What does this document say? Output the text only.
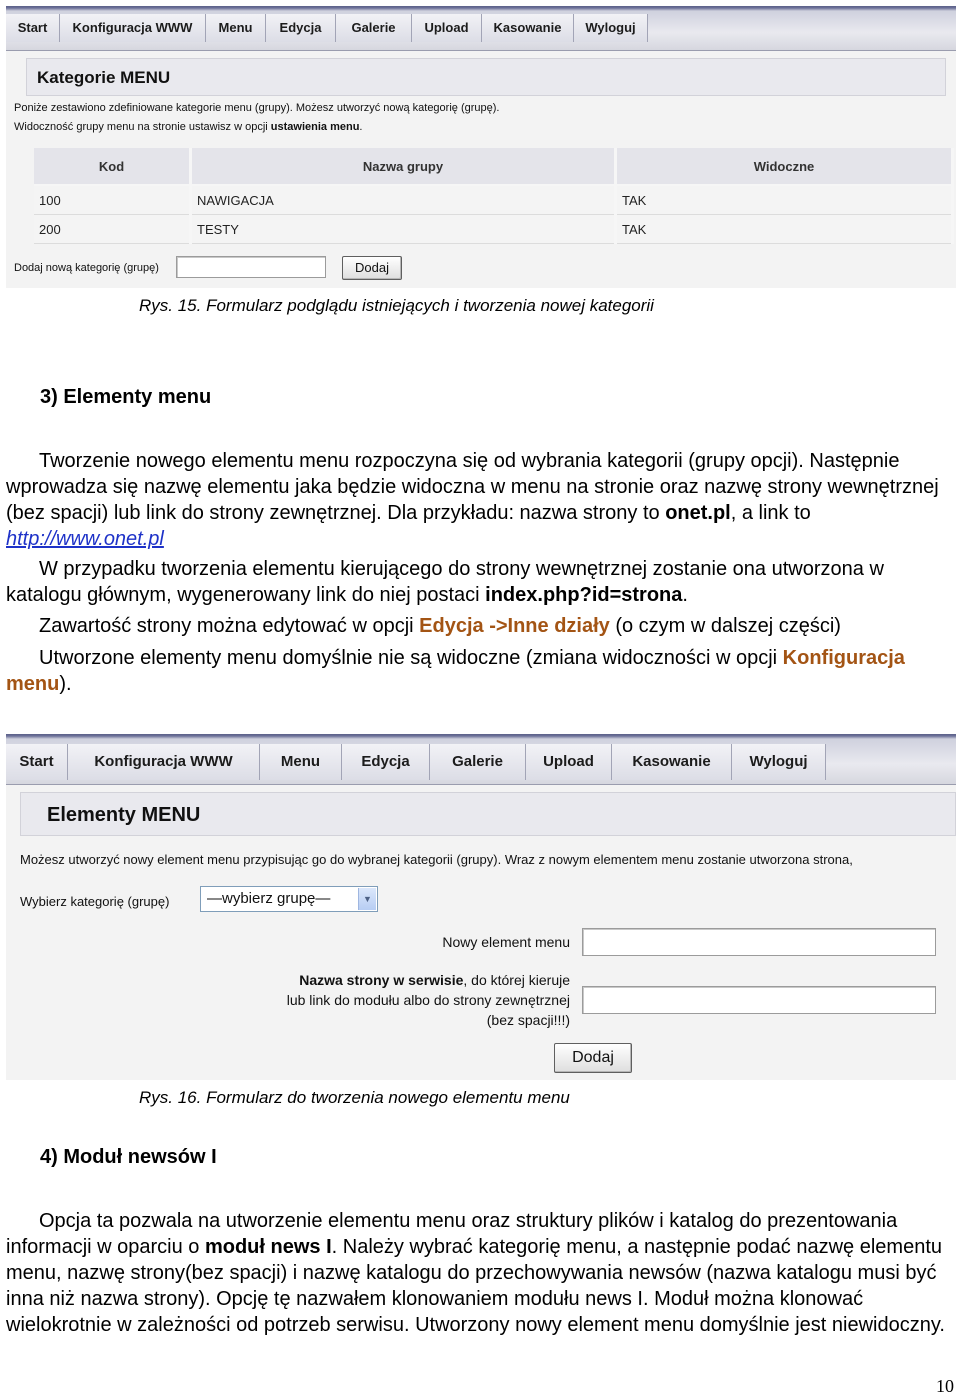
Start	Konfiguracja WWW	Menu	Edycja	Galerie	Upload	Kasowanie	Wyloguj
Kategorie MENU
Poniże zestawiono zdefiniowane kategorie menu (grupy). Możesz utworzyć nową kategorię (grupę).
Widoczność grupy menu na stronie ustawisz w opcji ustawienia menu.
Kod	Nazwa grupy	Widoczne
100	NAWIGACJA	TAK
200	TESTY	TAK
Dodaj nową kategorię (grupę)	Dodaj
Rys. 15. Formularz podglądu istniejących i tworzenia nowej kategorii
3) Elementy menu

Tworzenie nowego elementu menu rozpoczyna się od wybrania kategorii (grupy opcji). Następnie wprowadza się nazwę elementu jaka będzie widoczna w menu na stronie oraz nazwę strony wewnętrznej (bez spacji) lub link do strony zewnętrznej. Dla przykładu: nazwa strony to onet.pl, a link to http://www.onet.pl

W przypadku tworzenia elementu kierującego do strony wewnętrznej zostanie ona utworzona w katalogu głównym, wygenerowany link do niej postaci index.php?id=strona.

Zawartość strony można edytować w opcji Edycja ->Inne działy (o czym w dalszej części)

Utworzone elementy menu domyślnie nie są widoczne (zmiana widoczności w opcji Konfiguracja menu).

Start	Konfiguracja WWW	Menu	Edycja	Galerie	Upload	Kasowanie	Wyloguj
Elementy MENU
Możesz utworzyć nowy element menu przypisując go do wybranej kategorii (grupy). Wraz z nowym elementem menu zostanie utworzona strona,
Wybierz kategorię (grupę)	—wybierz grupę—	▼
Nowy element menu
Nazwa strony w serwisie, do której kieruje
lub link do modułu albo do strony zewnętrznej
(bez spacji!!!)
Dodaj
Rys. 16. Formularz do tworzenia nowego elementu menu
4) Moduł newsów I

Opcja ta pozwala na utworzenie elementu menu oraz struktury plików i katalog do prezentowania informacji w oparciu o moduł news I. Należy wybrać kategorię menu, a następnie podać nazwę elementu menu, nazwę strony(bez spacji) i nazwę katalogu do przechowywania newsów (nazwa katalogu musi być inna niż nazwa strony). Opcję tę nazwałem klonowaniem modułu news I. Moduł można klonować wielokrotnie w zależności od potrzeb serwisu. Utworzony nowy element menu domyślnie jest niewidoczny.

10
